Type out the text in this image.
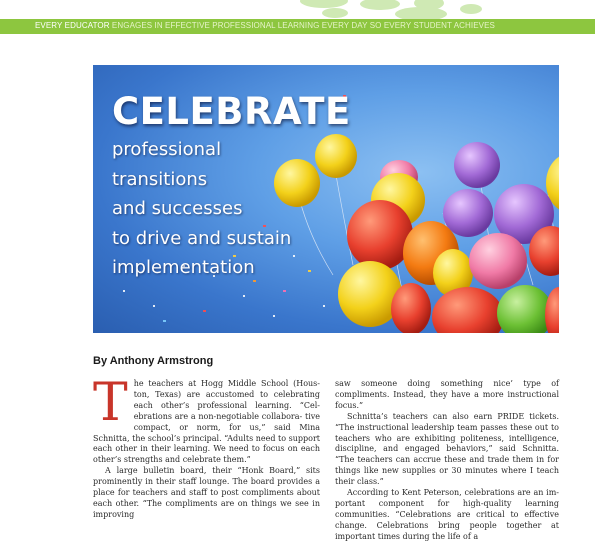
EVERY EDUCATOR ENGAGES IN EFFECTIVE PROFESSIONAL LEARNING EVERY DAY SO EVERY STUDENT ACHIEVES
CELEBRATE
professional
transitions
and successes
to drive and sustain
implementation
By Anthony Armstrong
T he teachers at Hogg Middle School (Hous- ton, Texas) are accustomed to celebrating each other’s professional learning. “Cel- ebrations are a non-negotiable collabora- tive compact, or norm, for us,” said Mina Schnitta, the school’s principal. “Adults need to support each other in their learning. We need to focus on each other’s strengths and celebrate them.”

A large bulletin board, their “Honk Board,” sits prominently in their staff lounge. The board provides a place for teachers and staff to post compliments about each other. “The compliments are on things we see in improving

saw someone doing something nice’ type of compliments. Instead, they have a more instructional focus.”

Schnitta’s teachers can also earn PRIDE tickets. “The instructional leadership team passes these out to teachers who are exhibiting politeness, intelligence, discipline, and engaged behaviors,” said Schnitta. “The teachers can accrue these and trade them in for things like new supplies or 30 minutes where I teach their class.”

According to Kent Peterson, celebrations are an im- portant component for high-quality learning communities. “Celebrations are critical to effective change. Celebrations bring people together at important times during the life of a
